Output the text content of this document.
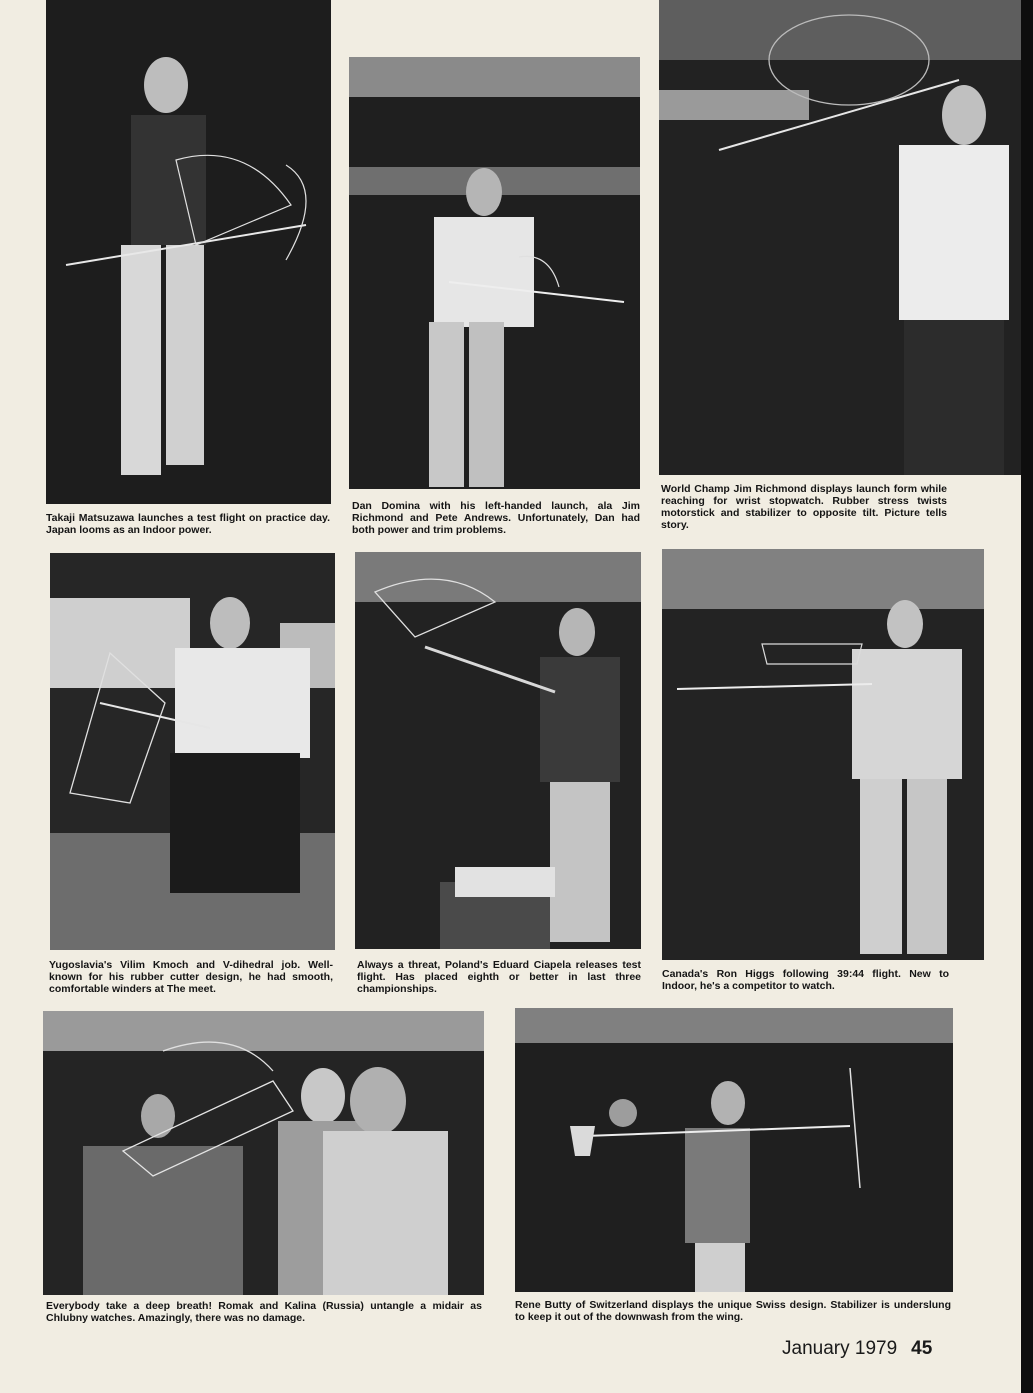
Takaji Matsuzawa launches a test flight on practice day. Japan looms as an Indoor power.
Dan Domina with his left-handed launch, ala Jim Richmond and Pete Andrews. Unfortunately, Dan had both power and trim problems.
World Champ Jim Richmond displays launch form while reaching for wrist stopwatch. Rubber stress twists motorstick and stabilizer to opposite tilt. Picture tells story.
Yugoslavia's Vilim Kmoch and V-dihedral job. Well-known for his rubber cutter design, he had smooth, comfortable winders at The meet.
Always a threat, Poland's Eduard Ciapela releases test flight. Has placed eighth or better in last three championships.
Canada's Ron Higgs following 39:44 flight. New to Indoor, he's a competitor to watch.
Everybody take a deep breath! Romak and Kalina (Russia) untangle a midair as Chlubny watches. Amazingly, there was no damage.
Rene Butty of Switzerland displays the unique Swiss design. Stabilizer is underslung to keep it out of the downwash from the wing.
January 1979 45
